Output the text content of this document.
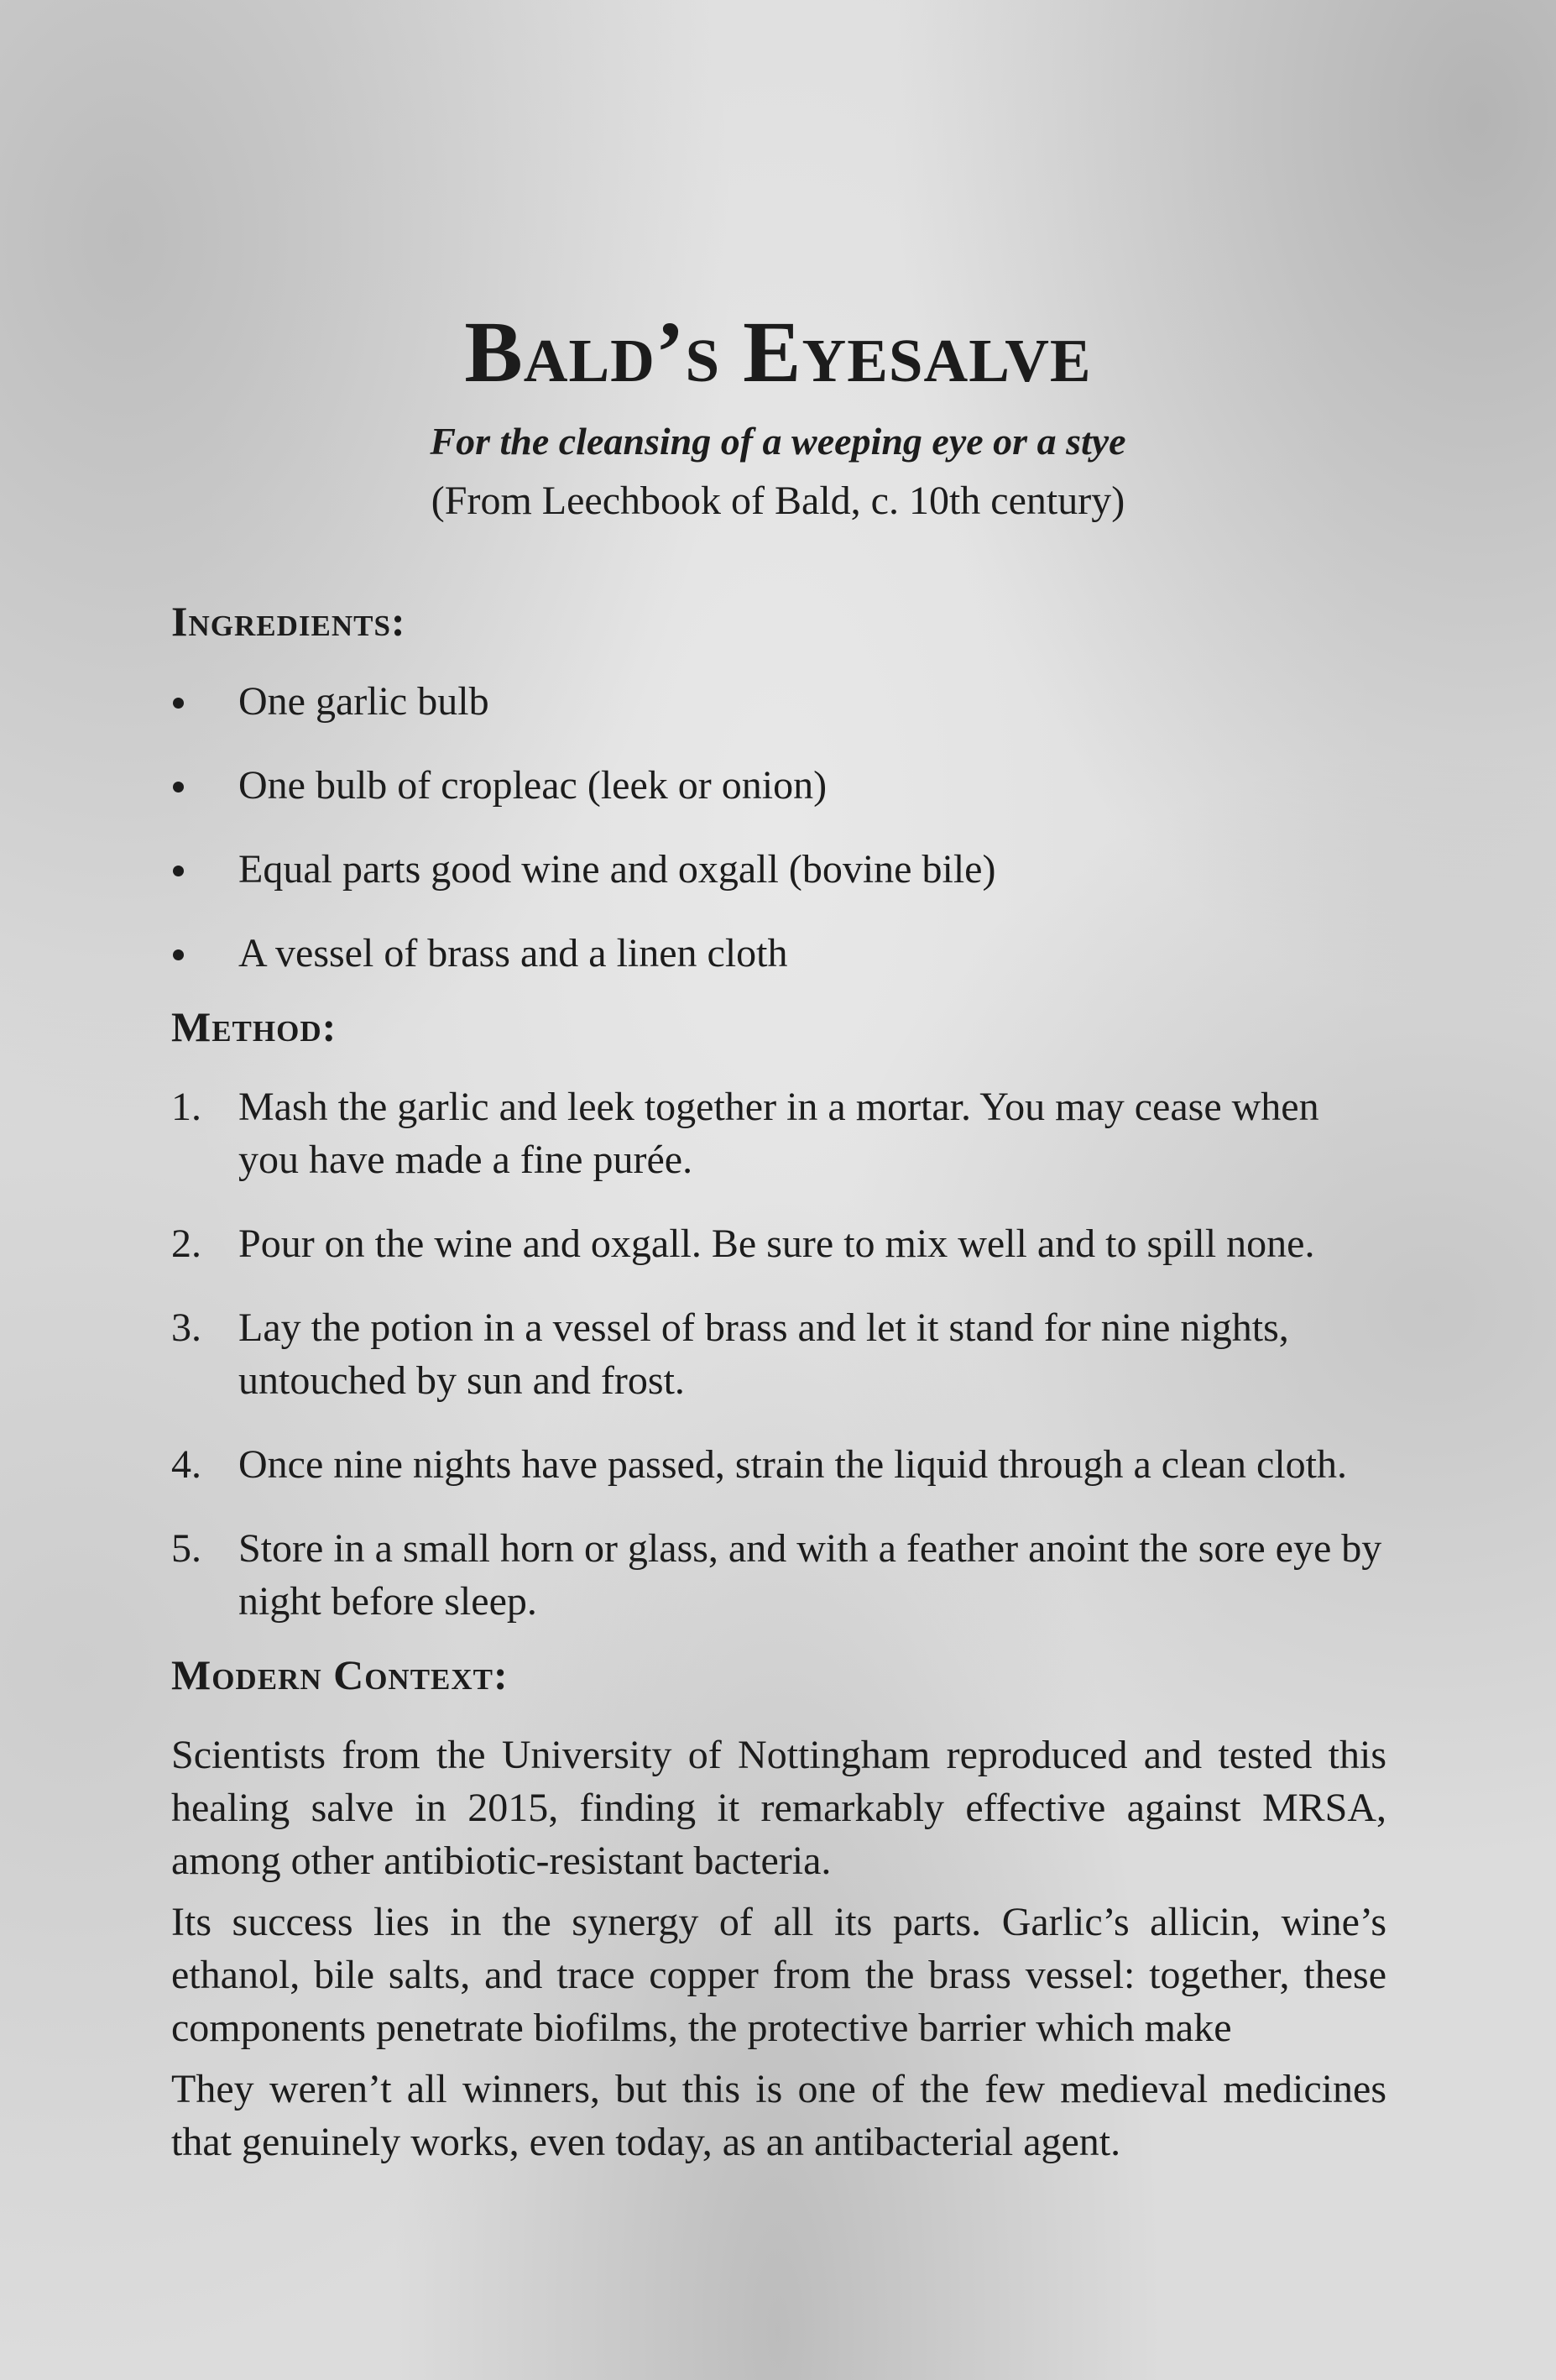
Bald’s Eyesalve
For the cleansing of a weeping eye or a stye
(From Leechbook of Bald, c. 10th century)
Ingredients:
One garlic bulb
One bulb of cropleac (leek or onion)
Equal parts good wine and oxgall (bovine bile)
A vessel of brass and a linen cloth
Method:
1. Mash the garlic and leek together in a mortar. You may cease when you have made a fine purée.
2. Pour on the wine and oxgall. Be sure to mix well and to spill none.
3. Lay the potion in a vessel of brass and let it stand for nine nights, untouched by sun and frost.
4. Once nine nights have passed, strain the liquid through a clean cloth.
5. Store in a small horn or glass, and with a feather anoint the sore eye by night before sleep.
Modern Context:

Scientists from the University of Nottingham reproduced and tested this healing salve in 2015, finding it remarkably effective against MRSA, among other antibiotic-resistant bacteria.

Its success lies in the synergy of all its parts. Garlic’s allicin, wine’s ethanol, bile salts, and trace copper from the brass vessel: together, these components penetrate biofilms, the protective barrier which make

They weren’t all winners, but this is one of the few medieval medicines that genuinely works, even today, as an antibacterial agent.
